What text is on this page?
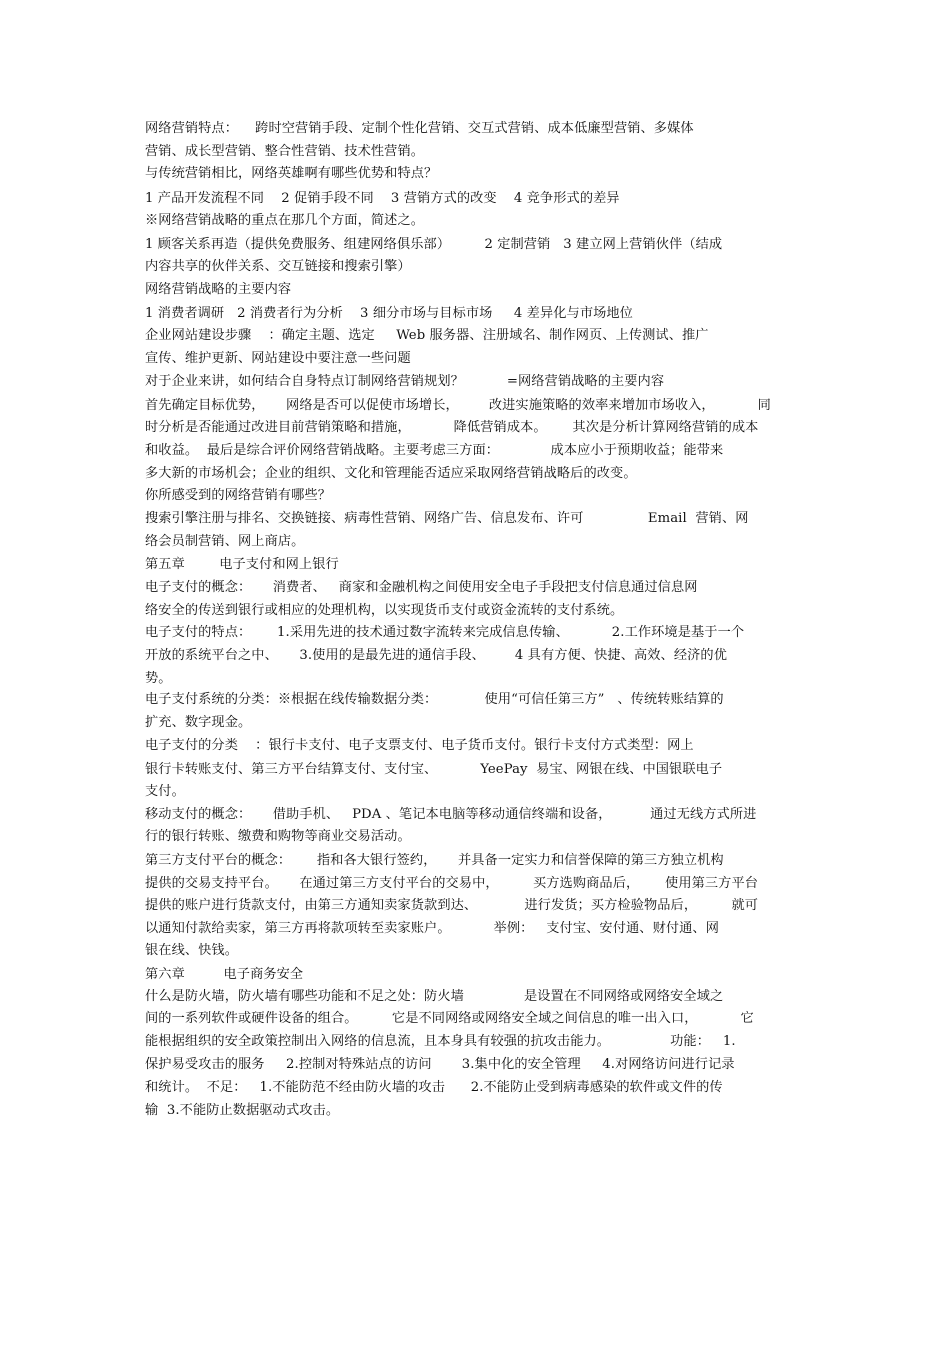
网络营销特点：    跨时空营销手段、定制个性化营销、交互式营销、成本低廉型营销、多媒体
营销、成长型营销、整合性营销、技术性营销。
与传统营销相比，网络英雄啊有哪些优势和特点？
1 产品开发流程不同    2 促销手段不同    3 营销方式的改变    4 竞争形式的差异
※网络营销战略的重点在那几个方面，简述之。
1 顾客关系再造（提供免费服务、组建网络俱乐部）        2 定制营销   3 建立网上营销伙伴（结成
内容共享的伙伴关系、交互链接和搜索引擎）
网络营销战略的主要内容
1 消费者调研   2 消费者行为分析    3 细分市场与目标市场     4 差异化与市场地位
企业网站建设步骤    ：确定主题、选定     Web 服务器、注册域名、制作网页、上传测试、推广
宣传、维护更新、网站建设中要注意一些问题
对于企业来讲，如何结合自身特点订制网络营销规划？          =网络营销战略的主要内容
首先确定目标优势，     网络是否可以促使市场增长，       改进实施策略的效率来增加市场收入，          同
时分析是否能通过改进目前营销策略和措施，          降低营销成本。      其次是分析计算网络营销的成本
和收益。  最后是综合评价网络营销战略。主要考虑三方面：            成本应小于预期收益；能带来
多大新的市场机会；企业的组织、文化和管理能否适应采取网络营销战略后的改变。
你所感受到的网络营销有哪些？
搜索引擎注册与排名、交换链接、病毒性营销、网络广告、信息发布、许可               Email  营销、网
络会员制营销、网上商店。
第五章        电子支付和网上银行
电子支付的概念：     消费者、   商家和金融机构之间使用安全电子手段把支付信息通过信息网
络安全的传送到银行或相应的处理机构，以实现货币支付或资金流转的支付系统。
电子支付的特点：      1.采用先进的技术通过数字流转来完成信息传输、          2.工作环境是基于一个
开放的系统平台之中、     3.使用的是最先进的通信手段、       4 具有方便、快捷、高效、经济的优
势。
电子支付系统的分类：※根据在线传输数据分类：           使用“可信任第三方”   、传统转账结算的
扩充、数字现金。
电子支付的分类    ：银行卡支付、电子支票支付、电子货币支付。银行卡支付方式类型：网上
银行卡转账支付、第三方平台结算支付、支付宝、          YeePay  易宝、网银在线、中国银联电子
支付。
移动支付的概念：     借助手机、   PDA 、笔记本电脑等移动通信终端和设备，         通过无线方式所进
行的银行转账、缴费和购物等商业交易活动。
第三方支付平台的概念：      指和各大银行签约，     并具备一定实力和信誉保障的第三方独立机构
提供的交易支持平台。     在通过第三方支付平台的交易中，        买方选购商品后，      使用第三方平台
提供的账户进行货款支付，由第三方通知卖家货款到达、           进行发货；买方检验物品后，        就可
以通知付款给卖家，第三方再将款项转至卖家账户。          举例：   支付宝、安付通、财付通、网
银在线、快钱。
第六章         电子商务安全
什么是防火墙，防火墙有哪些功能和不足之处：防火墙              是设置在不同网络或网络安全域之
间的一系列软件或硬件设备的组合。        它是不同网络或网络安全域之间信息的唯一出入口，          它
能根据组织的安全政策控制出入网络的信息流，且本身具有较强的抗攻击能力。              功能：   1.
保护易受攻击的服务     2.控制对特殊站点的访问       3.集中化的安全管理     4.对网络访问进行记录
和统计。  不足：   1.不能防范不经由防火墙的攻击      2.不能防止受到病毒感染的软件或文件的传
输  3.不能防止数据驱动式攻击。
